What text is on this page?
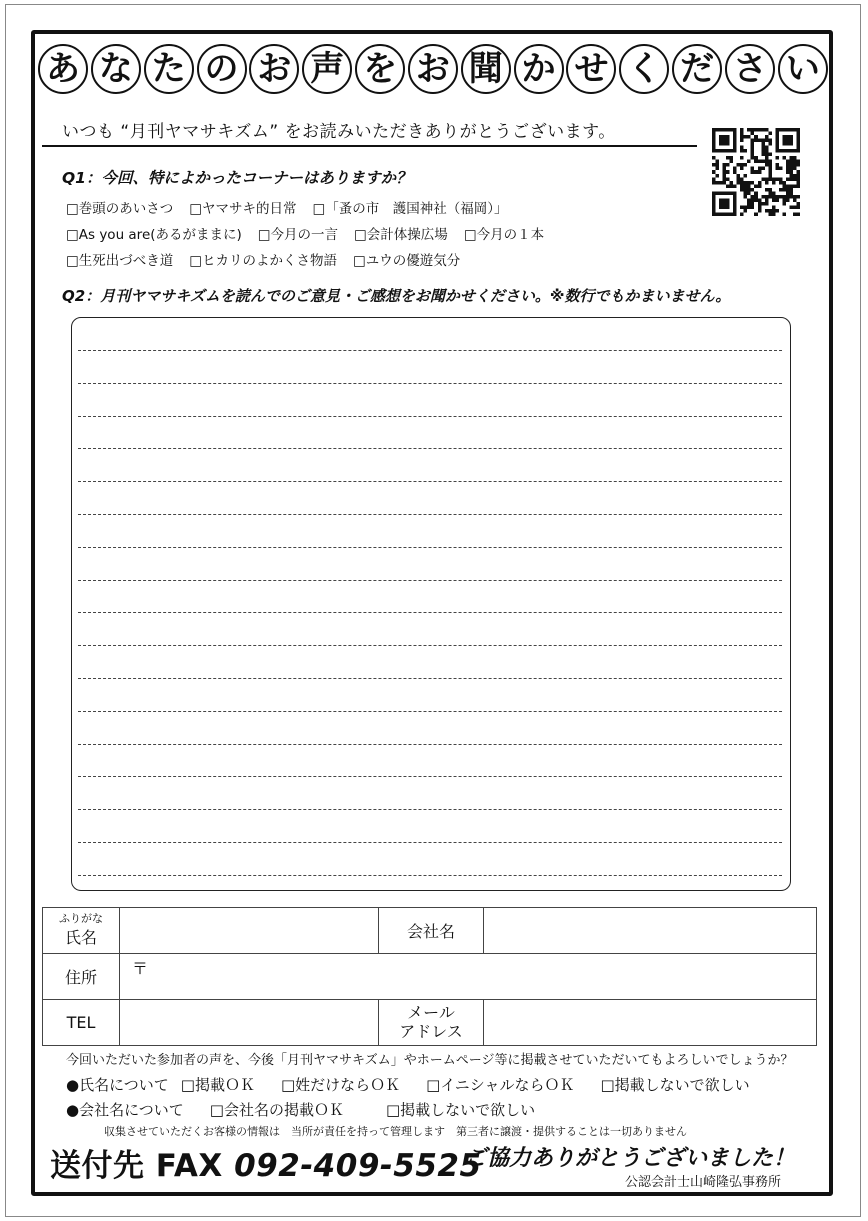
あ な た の お 声 を お 聞 か せ く だ さ い
いつも “月刊ヤマサキズム” をお読みいただきありがとうございます。
Q1：今回、特によかったコーナーはありますか？
□巻頭のあいさつ □ヤマサキ的日常 □「蚤の市　護国神社（福岡）」
□As you are(あるがままに) □今月の一言 □会計体操広場 □今月の１本
□生死出づべき道 □ヒカリのよかくさ物語 □ユウの優遊気分
Q2：月刊ヤマサキズムを読んでのご意見・ご感想をお聞かせください。※数行でもかまいません。
ふりがな
氏名		会社名	
住所	〒		
TEL		メール
アドレス	

今回いただいた参加者の声を、今後「月刊ヤマサキズム」やホームページ等に掲載させていただいてもよろしいでしょうか？
●氏名について □掲載ＯＫ □姓だけならＯＫ □イニシャルならＯＫ □掲載しないで欲しい
●会社名について □会社名の掲載ＯＫ	□掲載しないで欲しい
収集させていただくお客様の情報は　当所が責任を持って管理します　第三者に譲渡・提供することは一切ありません
送付先 FAX 092-409-5525
ご協力ありがとうございました！
公認会計士山崎隆弘事務所
